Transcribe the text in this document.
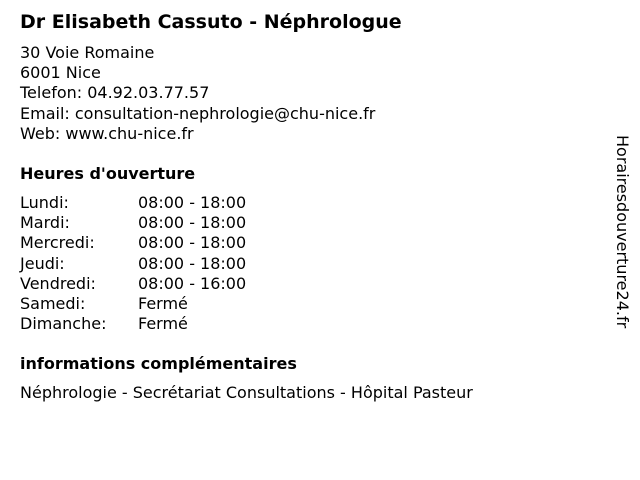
Dr Elisabeth Cassuto - Néphrologue
30 Voie Romaine
6001 Nice
Telefon: 04.92.03.77.57
Email: consultation-nephrologie@chu-nice.fr
Web: www.chu-nice.fr
Heures d'ouverture
Lundi:	08:00 - 18:00
Mardi:	08:00 - 18:00
Mercredi:	08:00 - 18:00
Jeudi:	08:00 - 18:00
Vendredi:	08:00 - 16:00
Samedi:	Fermé
Dimanche:	Fermé
informations complémentaires
Néphrologie - Secrétariat Consultations - Hôpital Pasteur
Horairesdouverture24.fr
